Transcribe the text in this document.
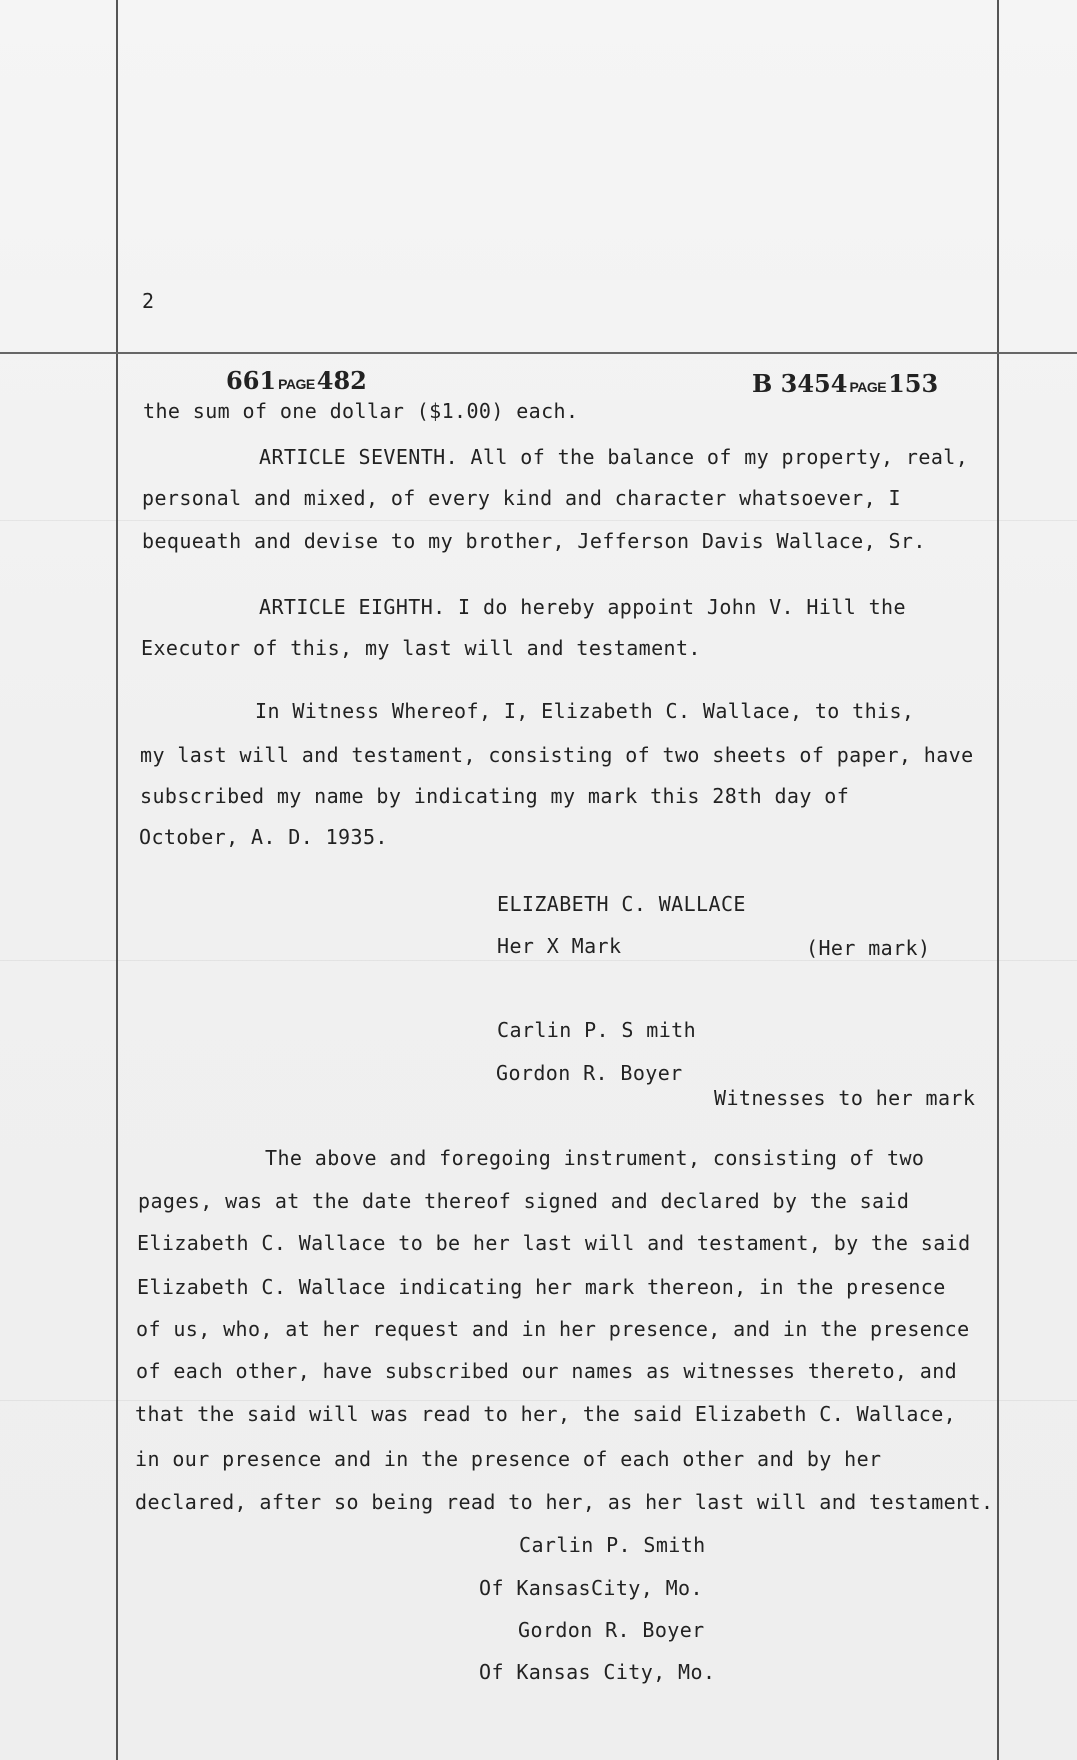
2
661 PAGE482	B 3454 PAGE153
the sum of one dollar ($1.00) each.
ARTICLE SEVENTH. All of the balance of my property, real,
personal and mixed, of every kind and character whatsoever, I
bequeath and devise to my brother, Jefferson Davis Wallace, Sr.
ARTICLE EIGHTH. I do hereby appoint John V. Hill the
Executor of this, my last will and testament.
In Witness Whereof, I, Elizabeth C. Wallace, to this,
my last will and testament, consisting of two sheets of paper, have
subscribed my name by indicating my mark this 28th day of
October, A. D. 1935.
ELIZABETH C. WALLACE
Her X Mark	(Her mark)
Carlin P. S mith
Gordon R. Boyer
Witnesses to her mark
The above and foregoing instrument, consisting of two
pages, was at the date thereof signed and declared by the said
Elizabeth C. Wallace to be her last will and testament, by the said
Elizabeth C. Wallace indicating her mark thereon, in the presence
of us, who, at her request and in her presence, and in the presence
of each other, have subscribed our names as witnesses thereto, and
that the said will was read to her, the said Elizabeth C. Wallace,
in our presence and in the presence of each other and by her
declared, after so being read to her, as her last will and testament.
Carlin P. Smith
Of KansasCity, Mo.
Gordon R. Boyer
Of Kansas City, Mo.
